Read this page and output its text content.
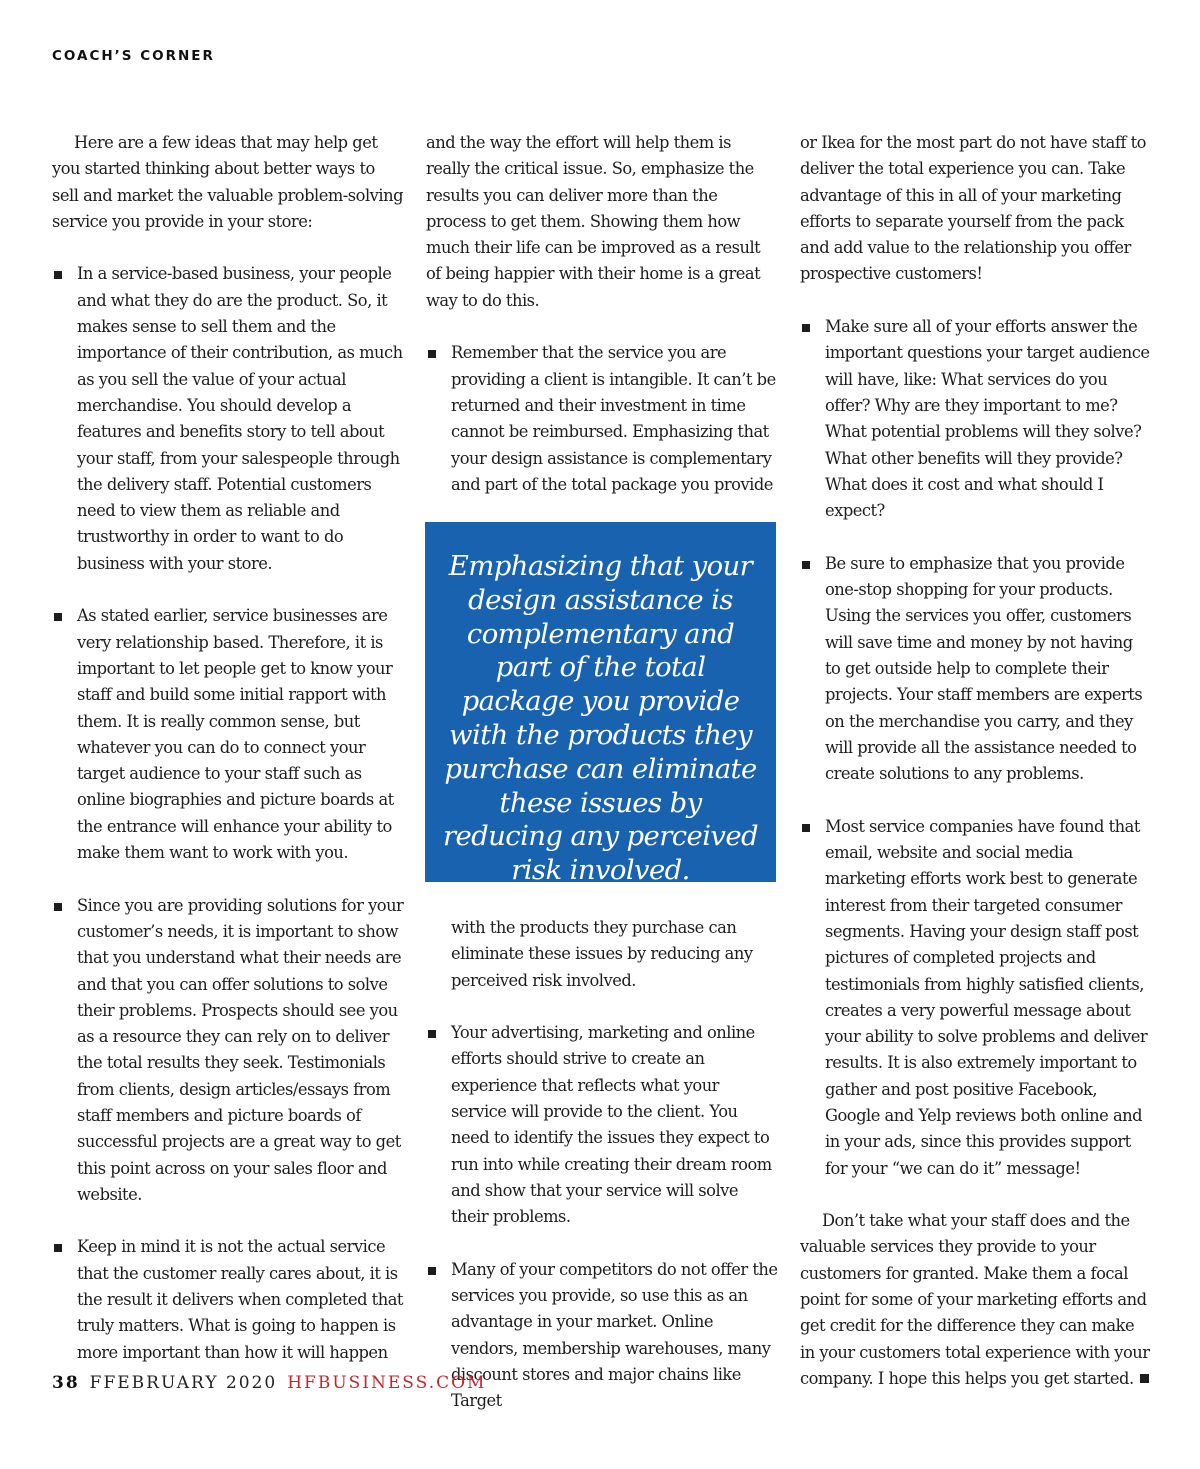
COACH’S CORNER

Here are a few ideas that may help get you started thinking about better ways to sell and market the valuable problem-solving service you provide in your store:

In a service-based business, your people and what they do are the product. So, it makes sense to sell them and the importance of their contribution, as much as you sell the value of your actual merchandise. You should develop a features and benefits story to tell about your staff, from your salespeople through the delivery staff. Potential customers need to view them as reliable and trustworthy in order to want to do business with your store.
As stated earlier, service businesses are very relationship based. Therefore, it is important to let people get to know your staff and build some initial rapport with them. It is really common sense, but whatever you can do to connect your target audience to your staff such as online biographies and picture boards at the entrance will enhance your ability to make them want to work with you.
Since you are providing solutions for your customer’s needs, it is important to show that you understand what their needs are and that you can offer solutions to solve their problems. Prospects should see you as a resource they can rely on to deliver the total results they seek. Testimonials from clients, design articles/essays from staff members and picture boards of successful projects are a great way to get this point across on your sales floor and website.
Keep in mind it is not the actual service that the customer really cares about, it is the result it delivers when completed that truly matters. What is going to happen is more important than how it will happen

and the way the effort will help them is really the critical issue. So, emphasize the results you can deliver more than the process to get them. Showing them how much their life can be improved as a result of being happier with their home is a great way to do this.

Remember that the service you are providing a client is intangible. It can’t be returned and their investment in time cannot be reimbursed. Emphasizing that your design assistance is complementary and part of the total package you provide
Emphasizing that your design assistance is complementary and part of the total package you provide with the products they purchase can eliminate these issues by reducing any perceived risk involved.

with the products they purchase can eliminate these issues by reducing any perceived risk involved.

Your advertising, marketing and online efforts should strive to create an experience that reflects what your service will provide to the client. You need to identify the issues they expect to run into while creating their dream room and show that your service will solve their problems.
Many of your competitors do not offer the services you provide, so use this as an advantage in your market. Online vendors, membership warehouses, many discount stores and major chains like Target

or Ikea for the most part do not have staff to deliver the total experience you can. Take advantage of this in all of your marketing efforts to separate yourself from the pack and add value to the relationship you offer prospective customers!

Make sure all of your efforts answer the important questions your target audience will have, like: What services do you offer? Why are they important to me? What potential problems will they solve? What other benefits will they provide? What does it cost and what should I expect?
Be sure to emphasize that you provide one-stop shopping for your products. Using the services you offer, customers will save time and money by not having to get outside help to complete their projects. Your staff members are experts on the merchandise you carry, and they will provide all the assistance needed to create solutions to any problems.
Most service companies have found that email, website and social media marketing efforts work best to generate interest from their targeted consumer segments. Having your design staff post pictures of completed projects and testimonials from highly satisfied clients, creates a very powerful message about your ability to solve problems and deliver results. It is also extremely important to gather and post positive Facebook, Google and Yelp reviews both online and in your ads, since this provides support for your “we can do it” message!

Don’t take what your staff does and the valuable services they provide to your customers for granted. Make them a focal point for some of your marketing efforts and get credit for the difference they can make in your customers total experience with your company. I hope this helps you get started.

38 FFEBRUARY 2020 HFBUSINESS.COM
